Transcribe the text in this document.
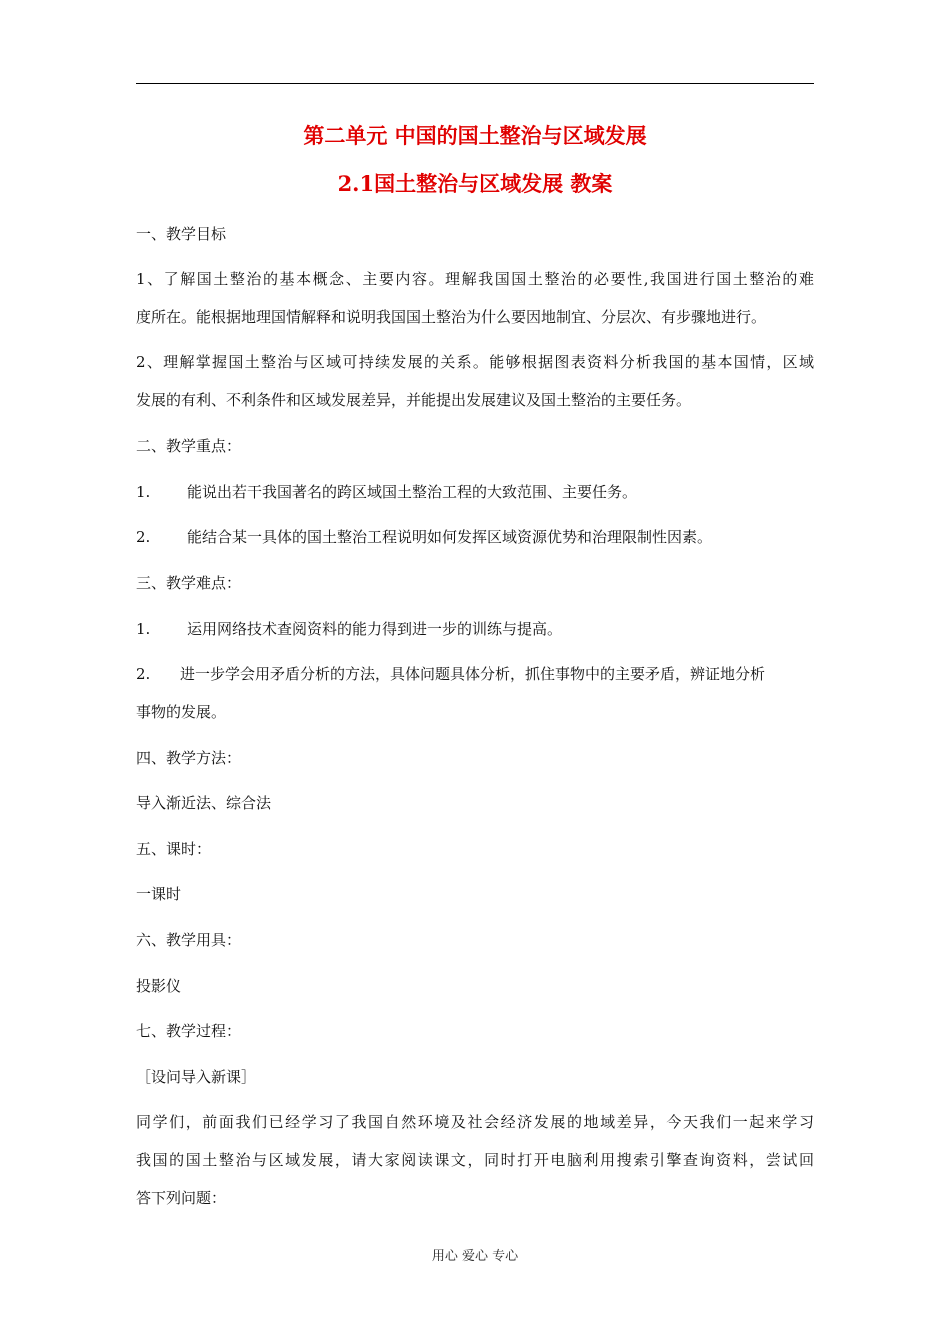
第二单元 中国的国土整治与区域发展
2.1国土整治与区域发展 教案
一、教学目标
1、了解国土整治的基本概念、主要内容。理解我国国土整治的必要性,我国进行国土整治的难
度所在。能根据地理国情解释和说明我国国土整治为什么要因地制宜、分层次、有步骤地进行。
2、理解掌握国土整治与区域可持续发展的关系。能够根据图表资料分析我国的基本国情，区域
发展的有利、不利条件和区域发展差异，并能提出发展建议及国土整治的主要任务。
二、教学重点：
1. 能说出若干我国著名的跨区域国土整治工程的大致范围、主要任务。
2. 能结合某一具体的国土整治工程说明如何发挥区域资源优势和治理限制性因素。
三、教学难点：
1. 运用网络技术查阅资料的能力得到进一步的训练与提高。
2. 进一步学会用矛盾分析的方法，具体问题具体分析，抓住事物中的主要矛盾，辨证地分析
事物的发展。
四、教学方法：
导入渐近法、综合法
五、课时：
一课时
六、教学用具：
投影仪
七、教学过程：
［设问导入新课］
同学们，前面我们已经学习了我国自然环境及社会经济发展的地域差异，今天我们一起来学习
我国的国土整治与区域发展，请大家阅读课文，同时打开电脑利用搜索引擎查询资料，尝试回
答下列问题：
用心 爱心 专心
